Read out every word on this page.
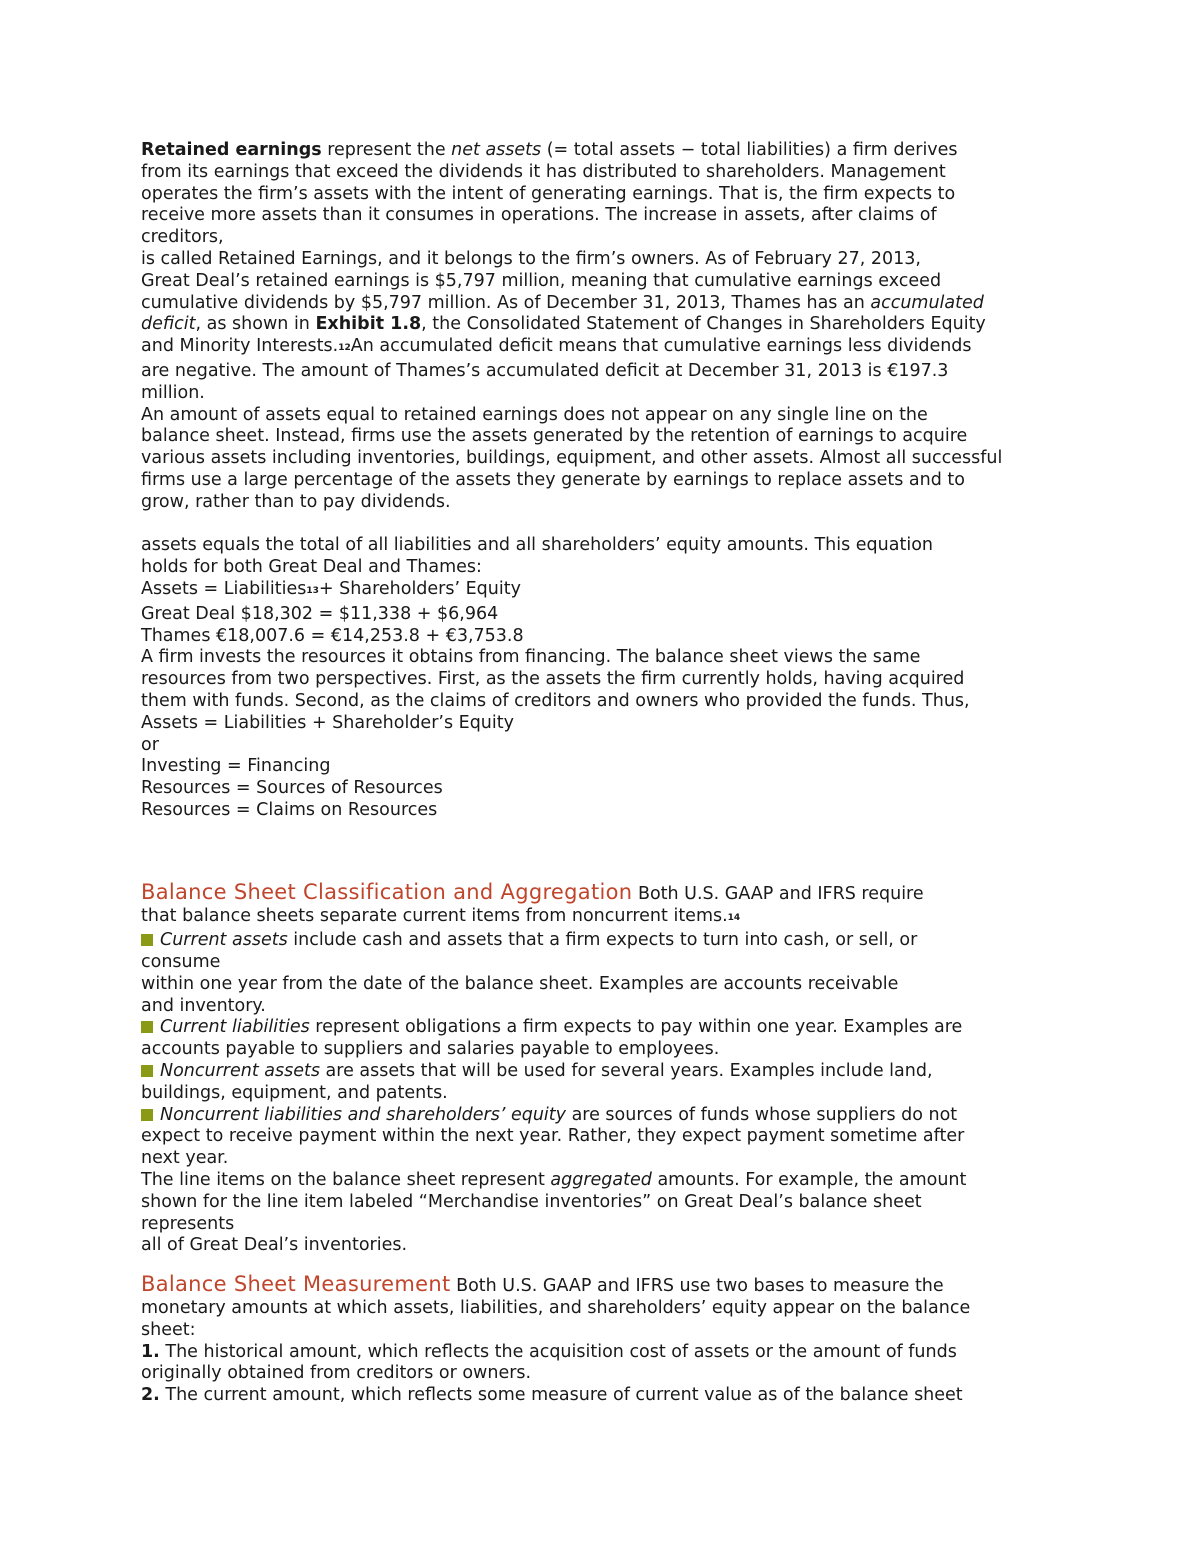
Retained earnings represent the net assets (= total assets − total liabilities) a firm derives
from its earnings that exceed the dividends it has distributed to shareholders. Management
operates the firm’s assets with the intent of generating earnings. That is, the firm expects to
receive more assets than it consumes in operations. The increase in assets, after claims of
creditors,
is called Retained Earnings, and it belongs to the firm’s owners. As of February 27, 2013,
Great Deal’s retained earnings is $5,797 million, meaning that cumulative earnings exceed
cumulative dividends by $5,797 million. As of December 31, 2013, Thames has an accumulated
deficit, as shown in Exhibit 1.8, the Consolidated Statement of Changes in Shareholders Equity
and Minority $Interests._{12}An$ accumulated deficit means that cumulative earnings less dividends
are negative. The amount of Thames’s accumulated deficit at December 31, 2013 is €197.3
million.
An amount of assets equal to retained earnings does not appear on any single line on the
balance sheet. Instead, firms use the assets generated by the retention of earnings to acquire
various assets including inventories, buildings, equipment, and other assets. Almost all successful
firms use a large percentage of the assets they generate by earnings to replace assets and to
grow, rather than to pay dividends.
assets equals the total of all liabilities and all shareholders’ equity amounts. This equation
holds for both Great Deal and Thames:
Assets = Liabilities$_{13}$+ Shareholders’ Equity
Great Deal $18,302 = $11,338 + $6,964
Thames €18,007.6 = €14,253.8 + €3,753.8
A firm invests the resources it obtains from financing. The balance sheet views the same
resources from two perspectives. First, as the assets the firm currently holds, having acquired
them with funds. Second, as the claims of creditors and owners who provided the funds. Thus,
Assets = Liabilities + Shareholder’s Equity
or
Investing = Financing
Resources = Sources of Resources
Resources = Claims on Resources
Balance Sheet Classification and Aggregation Both U.S. GAAP and IFRS require
that balance sheets separate current items from noncurrent $items._{14}$
Current assets include cash and assets that a firm expects to turn into cash, or sell, or
consume
within one year from the date of the balance sheet. Examples are accounts receivable
and inventory.
Current liabilities represent obligations a firm expects to pay within one year. Examples are
accounts payable to suppliers and salaries payable to employees.
Noncurrent assets are assets that will be used for several years. Examples include land,
buildings, equipment, and patents.
Noncurrent liabilities and shareholders’ equity are sources of funds whose suppliers do not
expect to receive payment within the next year. Rather, they expect payment sometime after
next year.
The line items on the balance sheet represent aggregated amounts. For example, the amount
shown for the line item labeled “Merchandise inventories” on Great Deal’s balance sheet
represents
all of Great Deal’s inventories.
Balance Sheet Measurement Both U.S. GAAP and IFRS use two bases to measure the
monetary amounts at which assets, liabilities, and shareholders’ equity appear on the balance
sheet:
1. The historical amount, which reflects the acquisition cost of assets or the amount of funds
originally obtained from creditors or owners.
2. The current amount, which reflects some measure of current value as of the balance sheet
